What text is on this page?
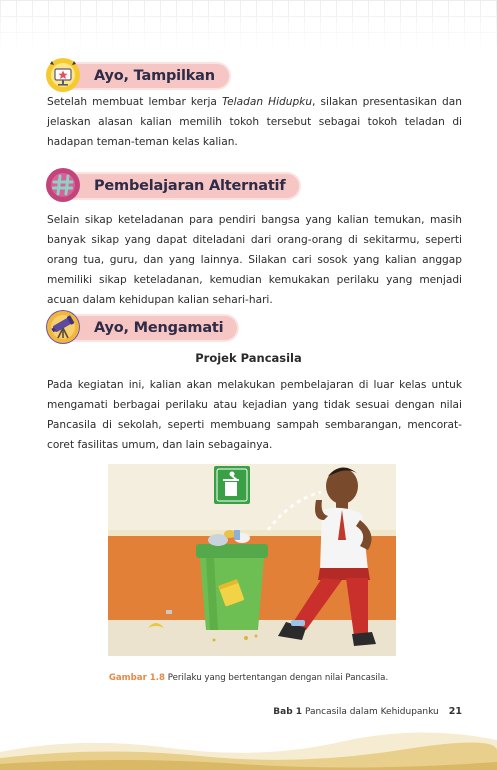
Ayo, Tampilkan

Setelah membuat lembar kerja Teladan Hidupku, silakan presentasikan dan jelaskan alasan kalian memilih tokoh tersebut sebagai tokoh teladan di hadapan teman-teman kelas kalian.

Pembelajaran Alternatif

Selain sikap keteladanan para pendiri bangsa yang kalian temukan, masih banyak sikap yang dapat diteladani dari orang-orang di sekitarmu, seperti orang tua, guru, dan yang lainnya. Silakan cari sosok yang kalian anggap memiliki sikap keteladanan, kemudian kemukakan perilaku yang menjadi acuan dalam kehidupan kalian sehari-hari.

Ayo, Mengamati
Projek Pancasila

Pada kegiatan ini, kalian akan melakukan pembelajaran di luar kelas untuk mengamati berbagai perilaku atau kejadian yang tidak sesuai dengan nilai Pancasila di sekolah, seperti membuang sampah sembarangan, mencorat-coret fasilitas umum, dan lain sebagainya.

Gambar 1.8 Perilaku yang bertentangan dengan nilai Pancasila.
Bab 1 Pancasila dalam Kehidupanku 21
